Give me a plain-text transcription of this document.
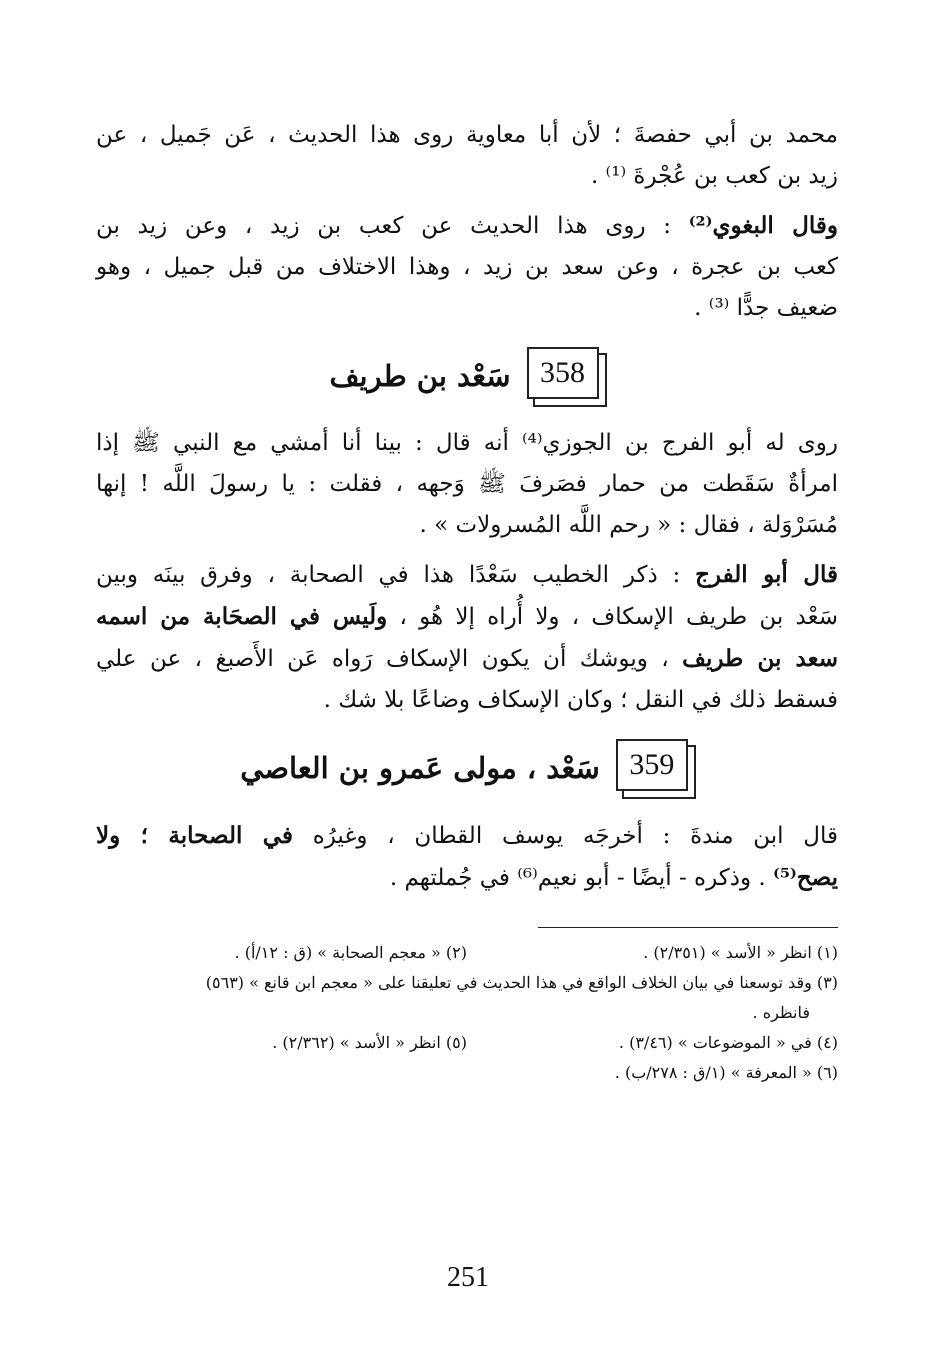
محمد بن أبي حفصةَ ؛ لأن أبا معاوية روى هذا الحديث ، عَن جَميل ، عن
زيد بن كعب بن عُجْرةَ ⁽¹⁾ .
وقال البغوي⁽²⁾ : روى هذا الحديث عن كعب بن زيد ، وعن زيد بن
كعب بن عجرة ، وعن سعد بن زيد ، وهذا الاختلاف من قبل جميل ، وهو
ضعيف جدًّا ⁽³⁾ .
358
سَعْد بن طريف
روى له أبو الفرج بن الجوزي⁽⁴⁾ أنه قال : بينا أنا أمشي مع النبي ﷺ إذا
امرأةٌ سَقَطت من حمار فصَرفَ ﷺ وَجهه ، فقلت : يا رسولَ اللَّه ! إنها
مُسَرْوَلة ، فقال : « رحم اللَّه المُسرولات » .
قال أبو الفرج : ذكر الخطيب سَعْدًا هذا في الصحابة ، وفرق بينَه وبين
سَعْد بن طريف الإسكاف ، ولا أُراه إلا هُو ، ولَيس في الصحَابة من اسمه
سعد بن طريف ، ويوشك أن يكون الإسكاف رَواه عَن الأَصبغ ، عن علي
فسقط ذلك في النقل ؛ وكان الإسكاف وضاعًا بلا شك .
359
سَعْد ، مولى عَمرو بن العاصي
قال ابن مندةَ : أخرجَه يوسف القطان ، وغيرُه في الصحابة ؛ ولا
يصح⁽⁵⁾ . وذكره - أيضًا - أبو نعيم⁽⁶⁾ في جُملتهم .
(١) انظر « الأسد » (٢/٣٥١) .
(٢) « معجم الصحابة » (ق : ١٢/أ) .
(٣) وقد توسعنا في بيان الخلاف الواقع في هذا الحديث في تعليقنا على « معجم ابن قانع » (٥٦٣)
فانظره .
(٤) في « الموضوعات » (٣/٤٦) .
(٥) انظر « الأسد » (٢/٣٦٢) .
(٦) « المعرفة » (١/ق : ٢٧٨/ب) .
251
